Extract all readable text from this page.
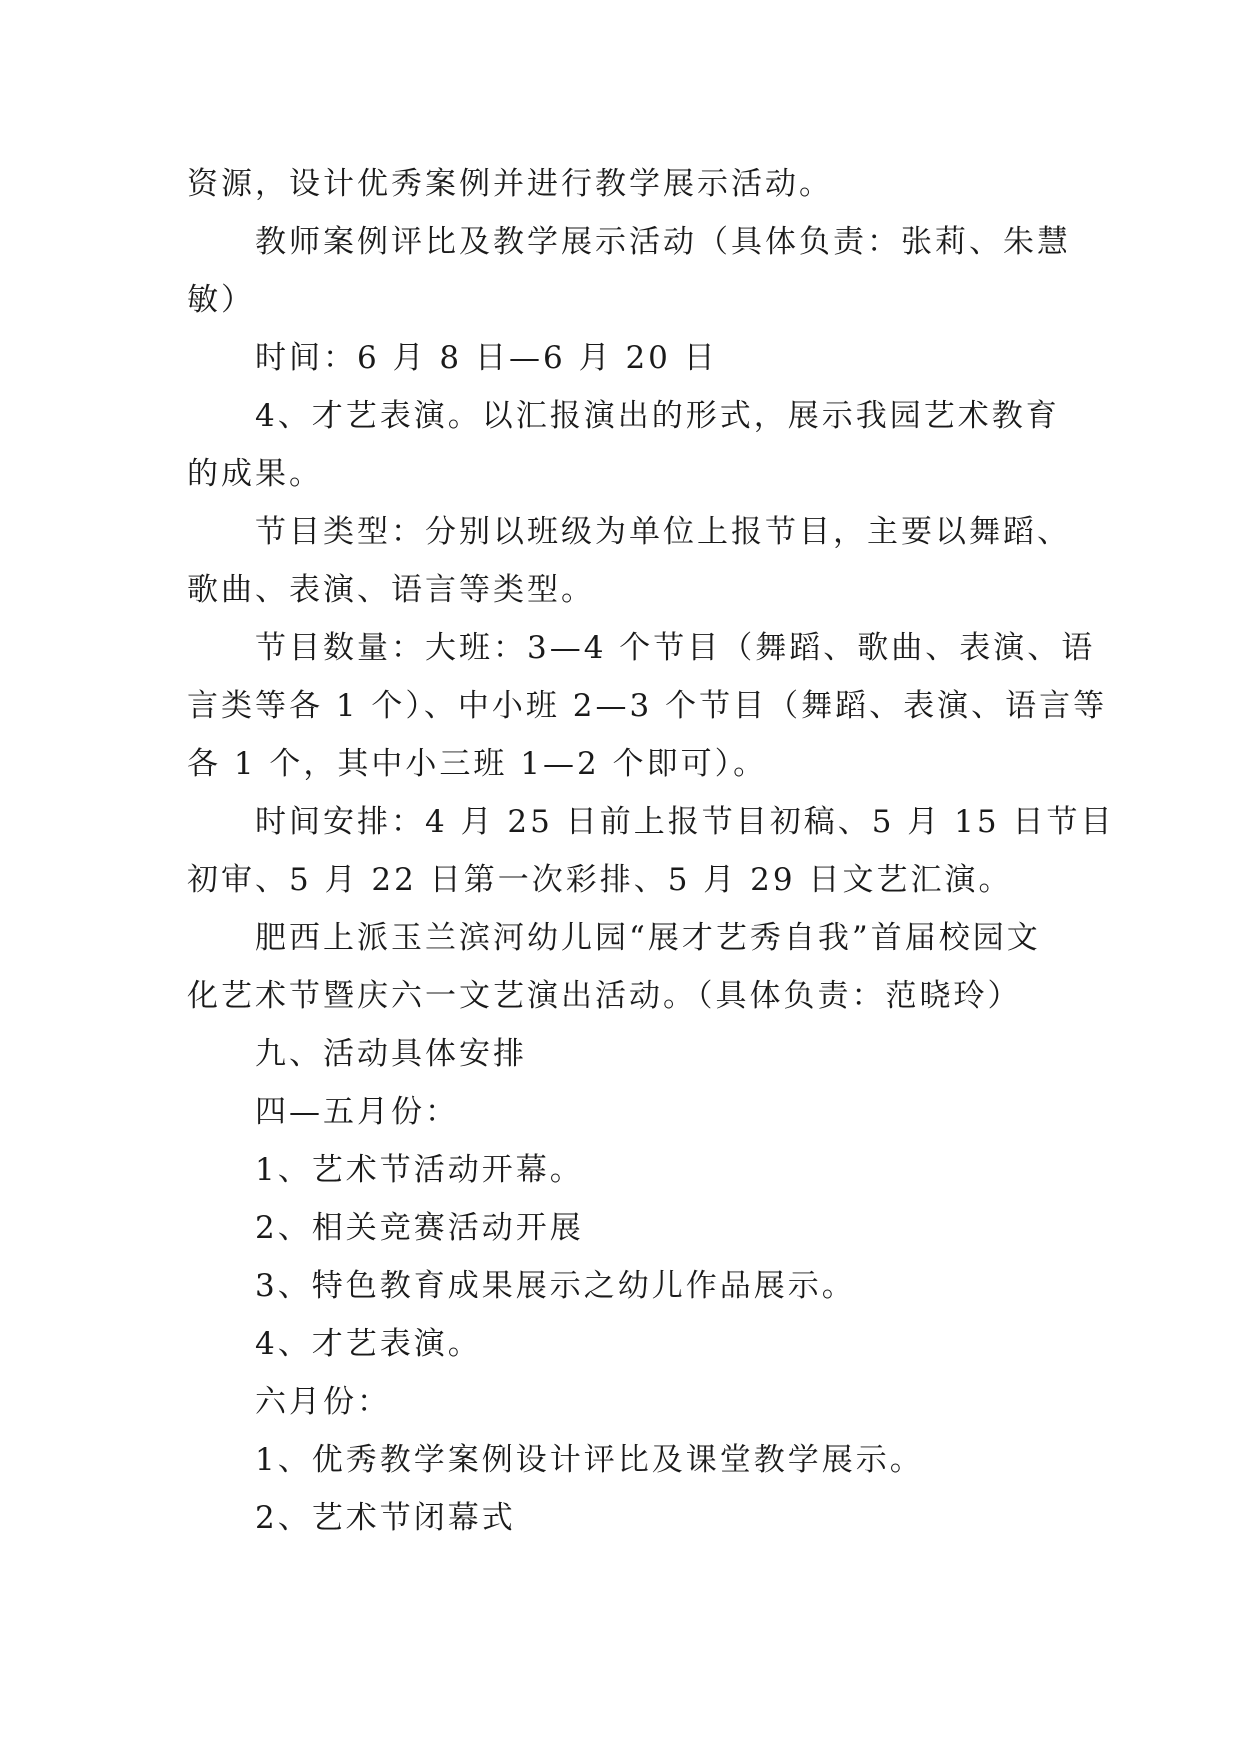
资源，设计优秀案例并进行教学展示活动。
　　教师案例评比及教学展示活动（具体负责：张莉、朱慧
敏）
　　时间：6 月 8 日—6 月 20 日
　　4、才艺表演。以汇报演出的形式，展示我园艺术教育
的成果。
　　节目类型：分别以班级为单位上报节目，主要以舞蹈、
歌曲、表演、语言等类型。
　　节目数量：大班：3—4 个节目（舞蹈、歌曲、表演、语
言类等各 1 个）、中小班 2—3 个节目（舞蹈、表演、语言等
各 1 个，其中小三班 1—2 个即可）。
　　时间安排：4 月 25 日前上报节目初稿、5 月 15 日节目
初审、5 月 22 日第一次彩排、5 月 29 日文艺汇演。
　　肥西上派玉兰滨河幼儿园“展才艺秀自我”首届校园文
化艺术节暨庆六一文艺演出活动。（具体负责：范晓玲）
　　九、活动具体安排
　　四—五月份：
　　1、艺术节活动开幕。
　　2、相关竞赛活动开展
　　3、特色教育成果展示之幼儿作品展示。
　　4、才艺表演。
　　六月份：
　　1、优秀教学案例设计评比及课堂教学展示。
　　2、艺术节闭幕式
